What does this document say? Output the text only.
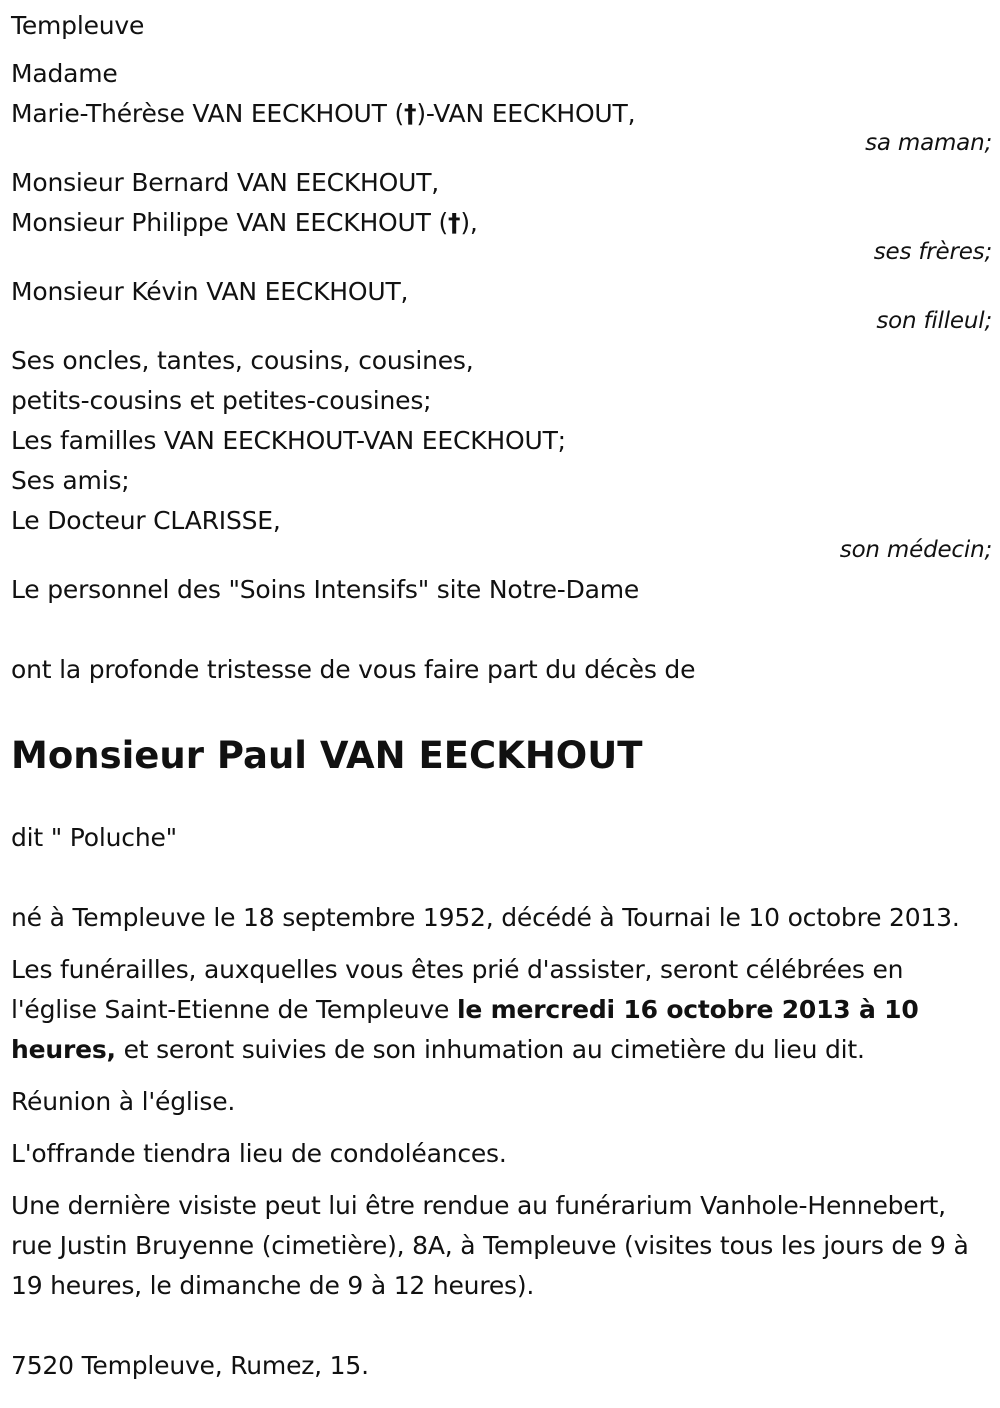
Templeuve
Madame
Marie-Thérèse VAN EECKHOUT (†)-VAN EECKHOUT,
sa maman;
Monsieur Bernard VAN EECKHOUT,
Monsieur Philippe VAN EECKHOUT (†),
ses frères;
Monsieur Kévin VAN EECKHOUT,
son filleul;
Ses oncles, tantes, cousins, cousines,
petits-cousins et petites-cousines;
Les familles VAN EECKHOUT-VAN EECKHOUT;
Ses amis;
Le Docteur CLARISSE,
son médecin;
Le personnel des "Soins Intensifs" site Notre-Dame
ont la profonde tristesse de vous faire part du décès de
Monsieur Paul VAN EECKHOUT
dit " Poluche"
né à Templeuve le 18 septembre 1952, décédé à Tournai le 10 octobre 2013.
Les funérailles, auxquelles vous êtes prié d'assister, seront célébrées en l'église Saint-Etienne de Templeuve le mercredi 16 octobre 2013 à 10 heures, et seront suivies de son inhumation au cimetière du lieu dit.
Réunion à l'église.
L'offrande tiendra lieu de condoléances.
Une dernière visiste peut lui être rendue au funérarium Vanhole-Hennebert, rue Justin Bruyenne (cimetière), 8A, à Templeuve (visites tous les jours de 9 à 19 heures, le dimanche de 9 à 12 heures).
7520 Templeuve, Rumez, 15.
